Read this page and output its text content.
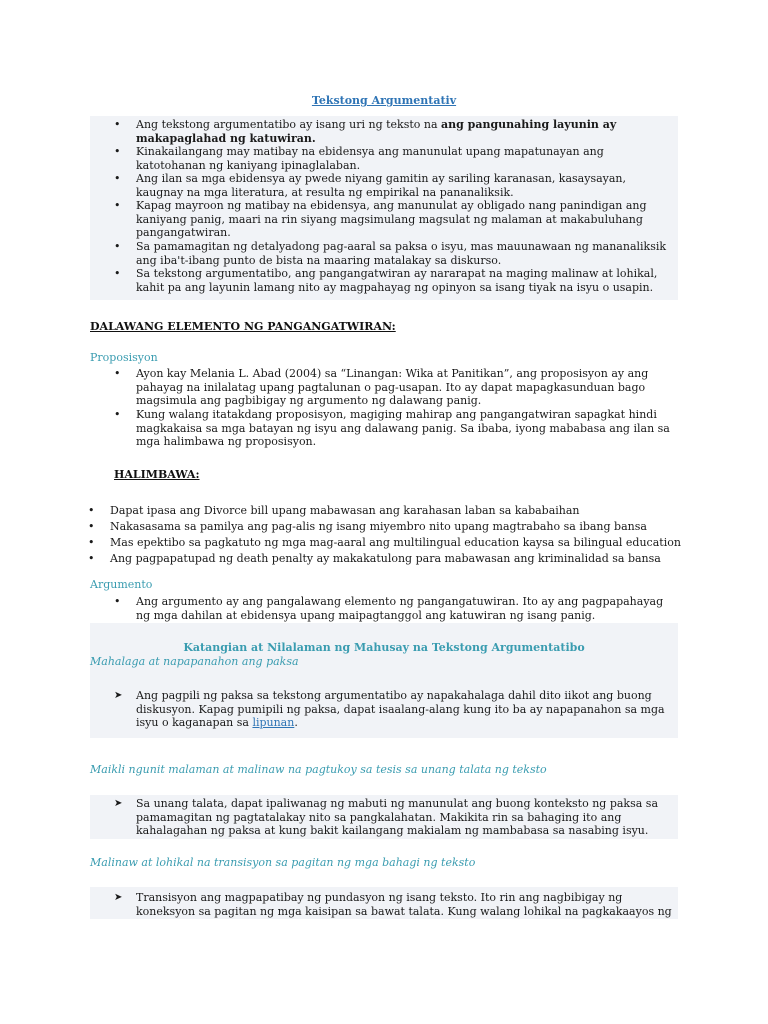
Tekstong Argumentativ
• Ang tekstong argumentatibo ay isang uri ng teksto na ang pangunahing layunin ay makapaglahad ng katuwiran.
• Kinakailangang may matibay na ebidensya ang manunulat upang mapatunayan ang katotohanan ng kaniyang ipinaglalaban.
• Ang ilan sa mga ebidensya ay pwede niyang gamitin ay sariling karanasan, kasaysayan, kaugnay na mga literatura, at resulta ng empirikal na pananaliksik.
• Kapag mayroon ng matibay na ebidensya, ang manunulat ay obligado nang panindigan ang kaniyang panig, maari na rin siyang magsimulang magsulat ng malaman at makabuluhang pangangatwiran.
• Sa pamamagitan ng detalyadong pag-aaral sa paksa o isyu, mas mauunawaan ng mananaliksik ang iba't-ibang punto de bista na maaring matalakay sa diskurso.
• Sa tekstong argumentatibo, ang pangangatwiran ay nararapat na maging malinaw at lohikal, kahit pa ang layunin lamang nito ay magpahayag ng opinyon sa isang tiyak na isyu o usapin.
DALAWANG ELEMENTO NG PANGANGATWIRAN:
Proposisyon
• Ayon kay Melania L. Abad (2004) sa “Linangan: Wika at Panitikan”, ang proposisyon ay ang pahayag na inilalatag upang pagtalunan o pag-usapan. Ito ay dapat mapagkasunduan bago magsimula ang pagbibigay ng argumento ng dalawang panig.
• Kung walang itatakdang proposisyon, magiging mahirap ang pangangatwiran sapagkat hindi magkakaisa sa mga batayan ng isyu ang dalawang panig. Sa ibaba, iyong mababasa ang ilan sa mga halimbawa ng proposisyon.
HALIMBAWA:
• Dapat ipasa ang Divorce bill upang mabawasan ang karahasan laban sa kababaihan
• Nakasasama sa pamilya ang pag-alis ng isang miyembro nito upang magtrabaho sa ibang bansa
• Mas epektibo sa pagkatuto ng mga mag-aaral ang multilingual education kaysa sa bilingual education
• Ang pagpapatupad ng death penalty ay makakatulong para mabawasan ang kriminalidad sa bansa
Argumento
• Ang argumento ay ang pangalawang elemento ng pangangatuwiran. Ito ay ang pagpapahayag ng mga dahilan at ebidensya upang maipagtanggol ang katuwiran ng isang panig.
Katangian at Nilalaman ng Mahusay na Tekstong Argumentatibo
Mahalaga at napapanahon ang paksa
➤ Ang pagpili ng paksa sa tekstong argumentatibo ay napakahalaga dahil dito iikot ang buong diskusyon. Kapag pumipili ng paksa, dapat isaalang-alang kung ito ba ay napapanahon sa mga isyu o kaganapan sa lipunan.
Maikli ngunit malaman at malinaw na pagtukoy sa tesis sa unang talata ng teksto
➤ Sa unang talata, dapat ipaliwanag ng mabuti ng manunulat ang buong konteksto ng paksa sa pamamagitan ng pagtatalakay nito sa pangkalahatan. Makikita rin sa bahaging ito ang kahalagahan ng paksa at kung bakit kailangang makialam ng mambabasa sa nasabing isyu.
Malinaw at lohikal na transisyon sa pagitan ng mga bahagi ng teksto
➤ Transisyon ang magpapatibay ng pundasyon ng isang teksto. Ito rin ang nagbibigay ng koneksyon sa pagitan ng mga kaisipan sa bawat talata. Kung walang lohikal na pagkakaayos ng
